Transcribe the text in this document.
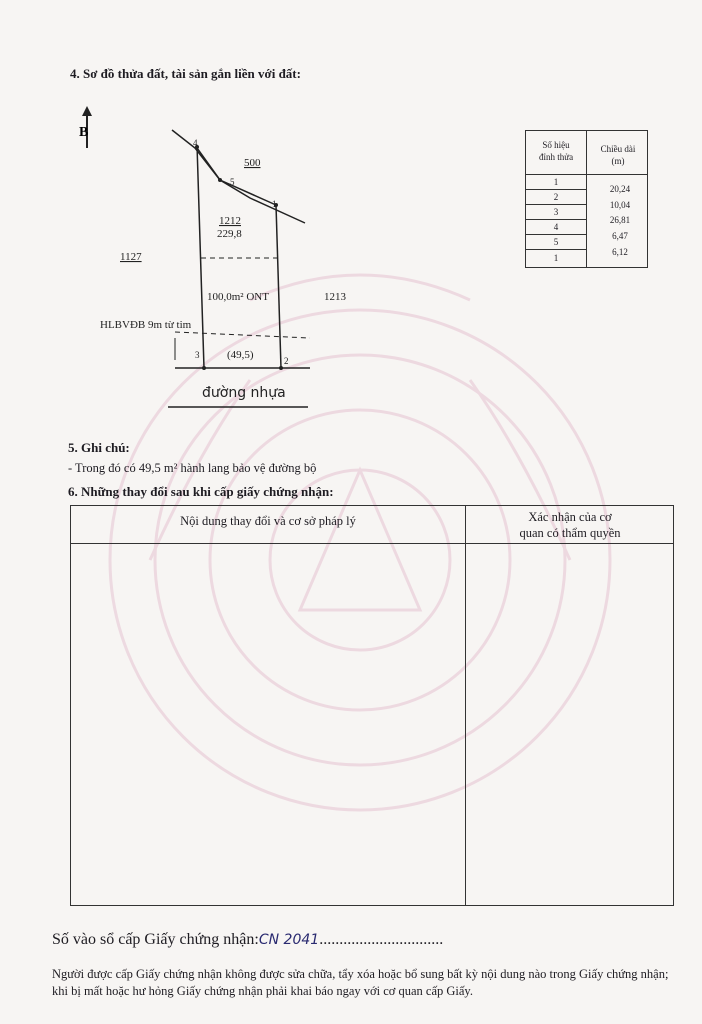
4. Sơ đồ thửa đất, tài sản gắn liền với đất:
B
4
5
1
3
2
500
1127
1213
1212
229,8
100,0m² ONT
HLBVĐB 9m từ tim
(49,5)
đường nhựa
Số hiệu
đỉnh thửa
Chiều dài
(m)
1
2
3
4
5
1
20,24
10,04
26,81
6,47
6,12
5. Ghi chú:
- Trong đó có 49,5 m² hành lang bảo vệ đường bộ
6. Những thay đổi sau khi cấp giấy chứng nhận:
Nội dung thay đổi và cơ sở pháp lý	Xác nhận của cơ
quan có thẩm quyền
Số vào sổ cấp Giấy chứng nhận:CN 2041...............................
Người được cấp Giấy chứng nhận không được sửa chữa, tẩy xóa hoặc bổ sung bất kỳ nội dung nào trong Giấy chứng nhận; khi bị mất hoặc hư hỏng Giấy chứng nhận phải khai báo ngay với cơ quan cấp Giấy.
